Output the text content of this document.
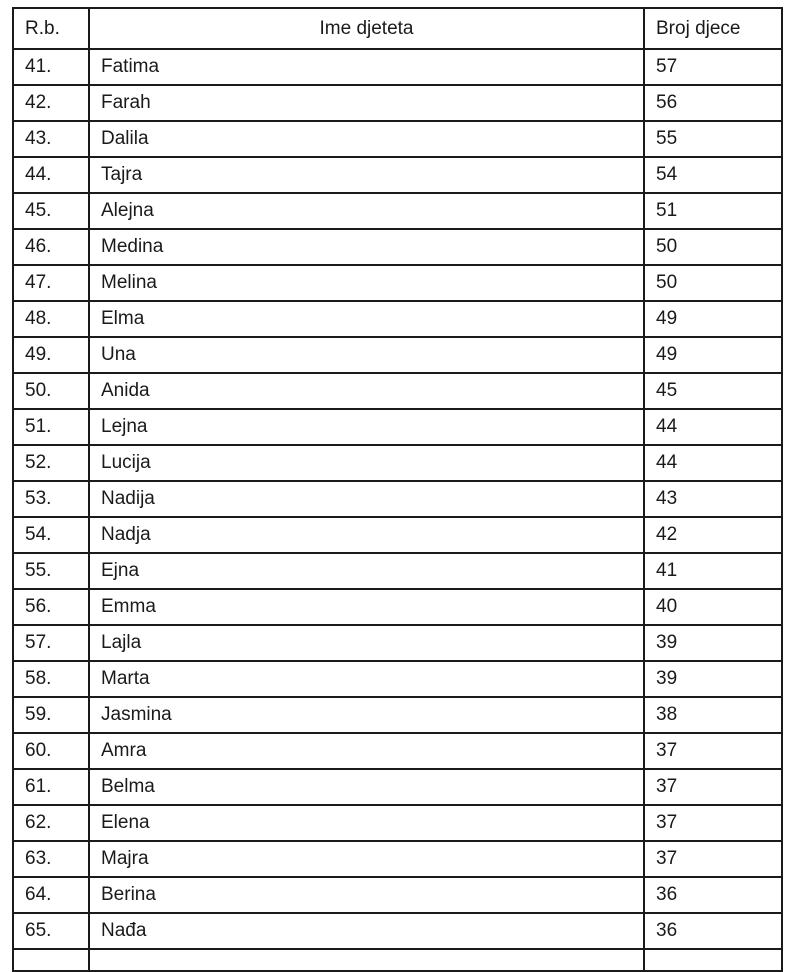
R.b.	Ime djeteta	Broj djece
41.	Fatima	57
42.	Farah	56
43.	Dalila	55
44.	Tajra	54
45.	Alejna	51
46.	Medina	50
47.	Melina	50
48.	Elma	49
49.	Una	49
50.	Anida	45
51.	Lejna	44
52.	Lucija	44
53.	Nadija	43
54.	Nadja	42
55.	Ejna	41
56.	Emma	40
57.	Lajla	39
58.	Marta	39
59.	Jasmina	38
60.	Amra	37
61.	Belma	37
62.	Elena	37
63.	Majra	37
64.	Berina	36
65.	Nađa	36
